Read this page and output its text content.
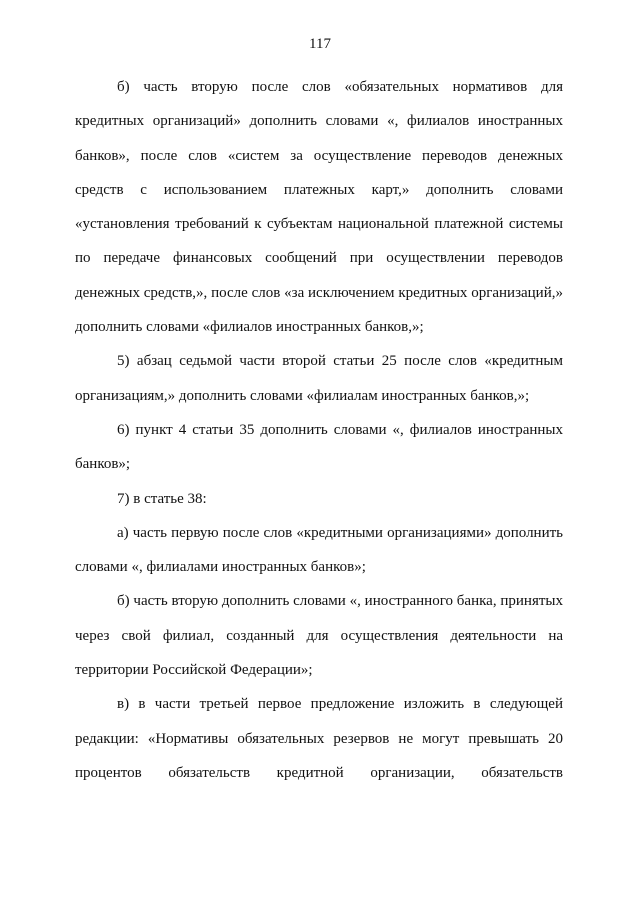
117

б) часть вторую после слов «обязательных нормативов для кредитных организаций» дополнить словами «, филиалов иностранных банков», после слов «систем за осуществление переводов денежных средств с использованием платежных карт,» дополнить словами «установления требований к субъектам национальной платежной системы по передаче финансовых сообщений при осуществлении переводов денежных средств,», после слов «за исключением кредитных организаций,» дополнить словами «филиалов иностранных банков,»;

5) абзац седьмой части второй статьи 25 после слов «кредитным организациям,» дополнить словами «филиалам иностранных банков,»;

6) пункт 4 статьи 35 дополнить словами «, филиалов иностранных банков»;

7) в статье 38:

а) часть первую после слов «кредитными организациями» дополнить словами «, филиалами иностранных банков»;

б) часть вторую дополнить словами «, иностранного банка, принятых через свой филиал, созданный для осуществления деятельности на территории Российской Федерации»;

в) в части третьей первое предложение изложить в следующей редакции: «Нормативы обязательных резервов не могут превышать 20 процентов обязательств кредитной организации, обязательств
